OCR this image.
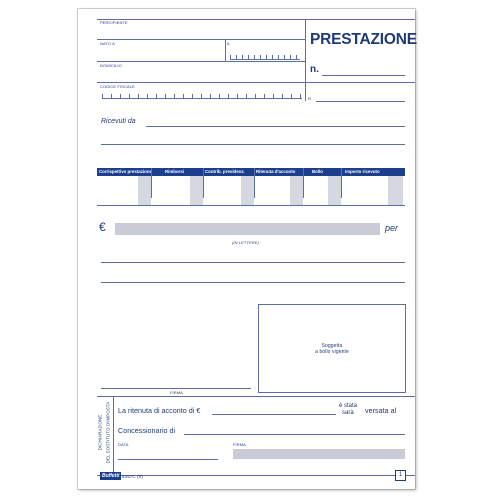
PERCIPIENTE
NATO A	IL
DOMICILIO
CODICE FISCALE
R.
PRESTAZIONE
n.
Ricevuti da
Corrispettivo prestazione	Rimborsi	Contrib. previdenz.	Ritenuta d'acconto	Bollo	Importo ricevuto
€	per
(IN LETTERE)
Soggetta
a bollo vigente
FIRMA
DICHIARAZIONE DEL SOSTITUTO D'IMPOSTA La ritenuta di acconto di €	è stata
sarà versata al
Concessionario di
DATA	FIRMA
Buffetti 6357C (h)	1
